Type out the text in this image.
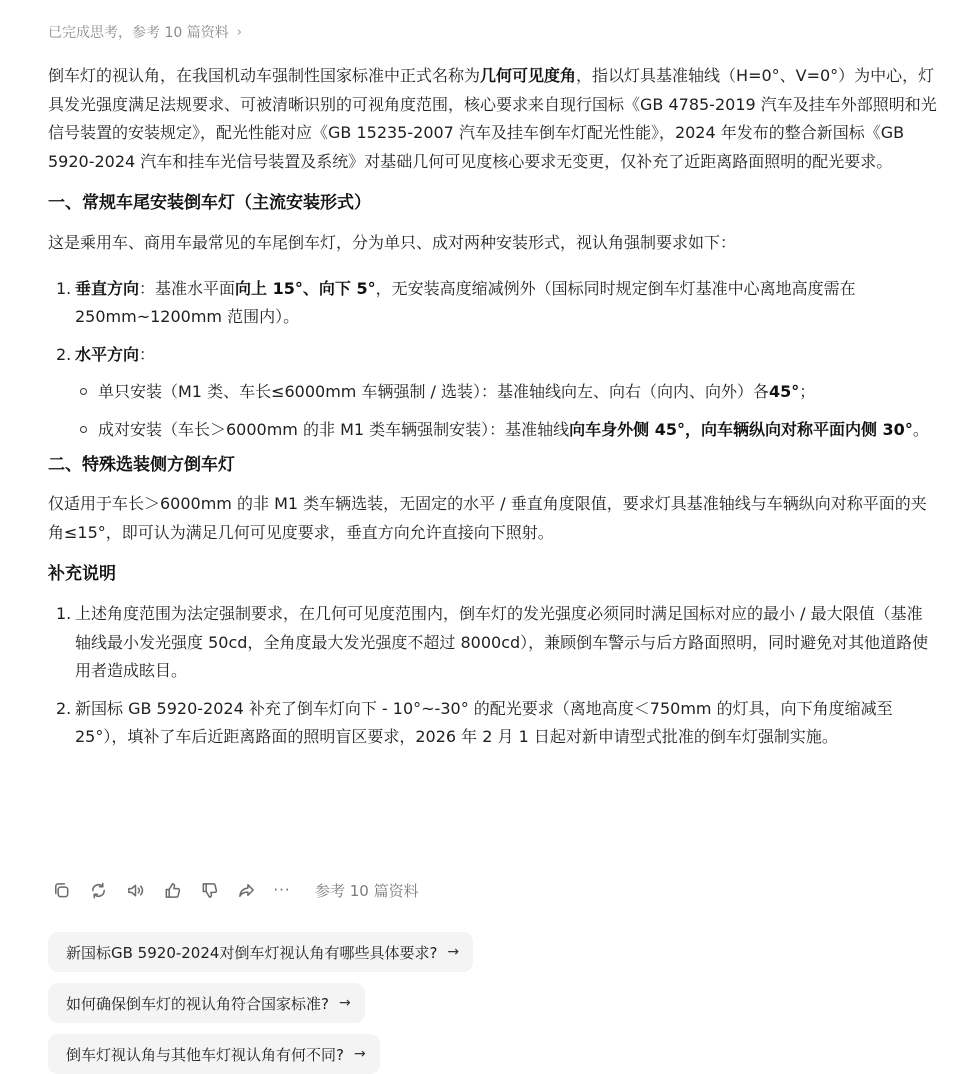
已完成思考，参考 10 篇资料 ›

倒车灯的视认角，在我国机动车强制性国家标准中正式名称为几何可见度角，指以灯具基准轴线（H=0°、V=0°）为中心，灯具发光强度满足法规要求、可被清晰识别的可视角度范围，核心要求来自现行国标《GB 4785-2019 汽车及挂车外部照明和光信号装置的安装规定》，配光性能对应《GB 15235-2007 汽车及挂车倒车灯配光性能》，2024 年发布的整合新国标《GB 5920-2024 汽车和挂车光信号装置及系统》对基础几何可见度核心要求无变更，仅补充了近距离路面照明的配光要求。

一、常规车尾安装倒车灯（主流安装形式）

这是乘用车、商用车最常见的车尾倒车灯，分为单只、成对两种安装形式，视认角强制要求如下：

1. 垂直方向：基准水平面向上 15°、向下 5°，无安装高度缩减例外（国标同时规定倒车灯基准中心离地高度需在 250mm~1200mm 范围内）。
2. 水平方向：
单只安装（M1 类、车长≤6000mm 车辆强制 / 选装）：基准轴线向左、向右（向内、向外）各45°；
成对安装（车长＞6000mm 的非 M1 类车辆强制安装）：基准轴线向车身外侧 45°，向车辆纵向对称平面内侧 30°。
二、特殊选装侧方倒车灯

仅适用于车长＞6000mm 的非 M1 类车辆选装，无固定的水平 / 垂直角度限值，要求灯具基准轴线与车辆纵向对称平面的夹角≤15°，即可认为满足几何可见度要求，垂直方向允许直接向下照射。

补充说明
1. 上述角度范围为法定强制要求，在几何可见度范围内，倒车灯的发光强度必须同时满足国标对应的最小 / 最大限值（基准轴线最小发光强度 50cd，全角度最大发光强度不超过 8000cd），兼顾倒车警示与后方路面照明，同时避免对其他道路使用者造成眩目。
2. 新国标 GB 5920-2024 补充了倒车灯向下 - 10°~-30° 的配光要求（离地高度＜750mm 的灯具，向下角度缩减至 25°），填补了车后近距离路面的照明盲区要求，2026 年 2 月 1 日起对新申请型式批准的倒车灯强制实施。
··· 参考 10 篇资料
新国标GB 5920-2024对倒车灯视认角有哪些具体要求? →
如何确保倒车灯的视认角符合国家标准? →
倒车灯视认角与其他车灯视认角有何不同? →
